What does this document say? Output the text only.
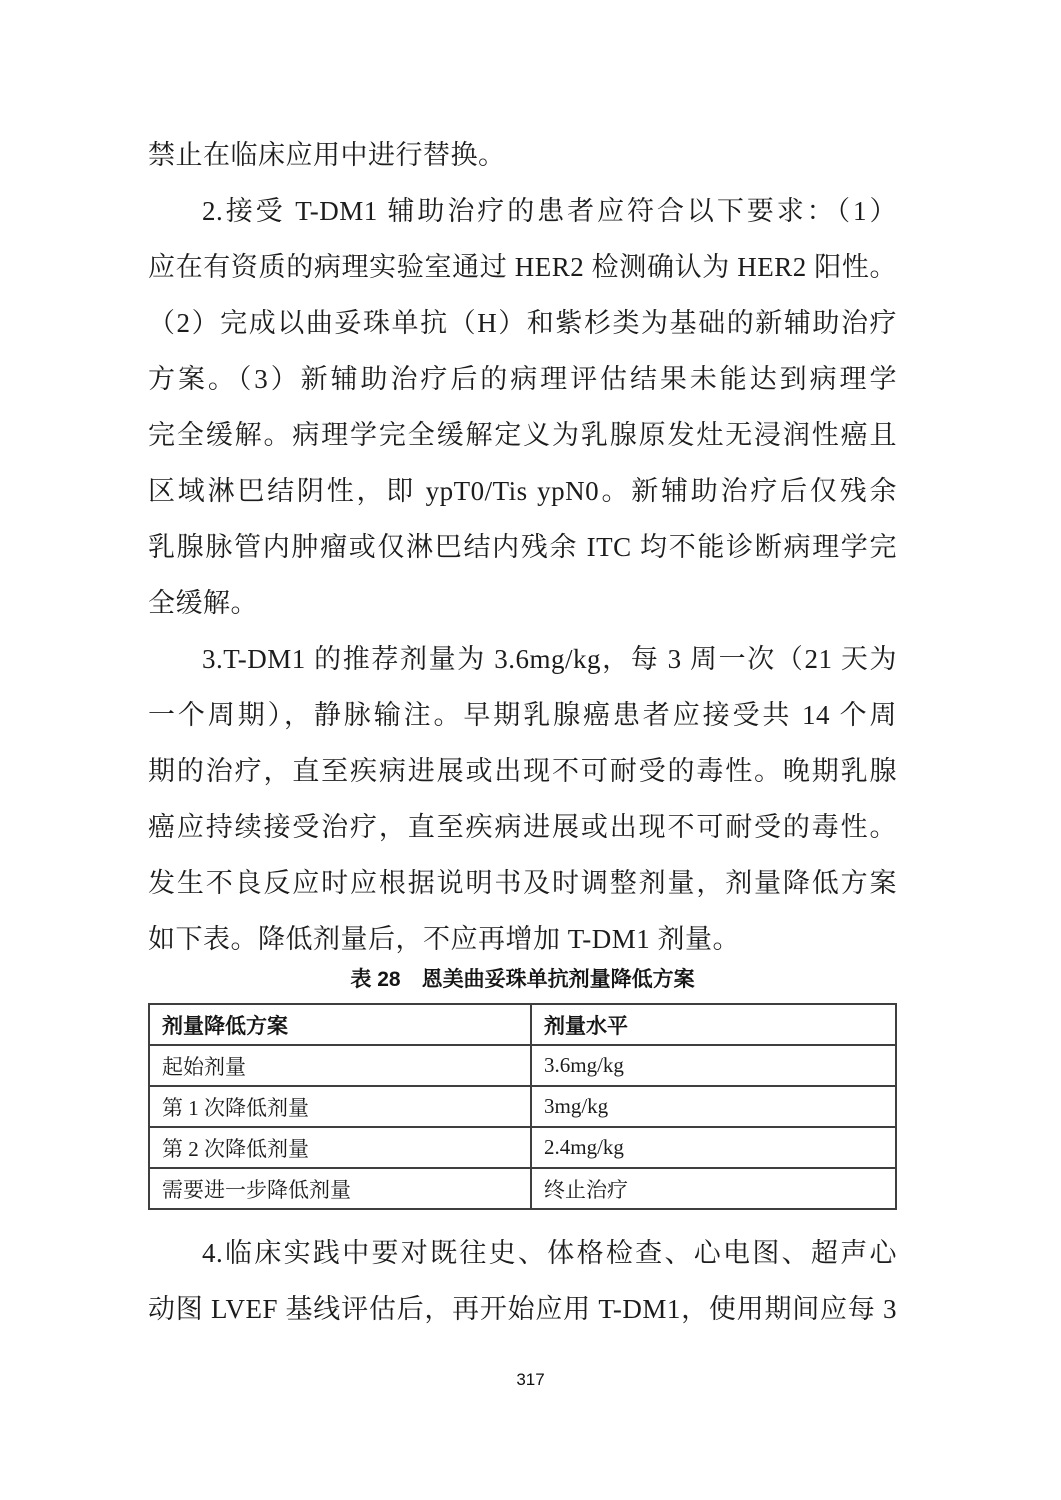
禁止在临床应用中进行替换。
2.接受 T-DM1 辅助治疗的患者应符合以下要求：（1）
应在有资质的病理实验室通过 HER2 检测确认为 HER2 阳性。
（2）完成以曲妥珠单抗（H）和紫杉类为基础的新辅助治疗
方案。（3）新辅助治疗后的病理评估结果未能达到病理学
完全缓解。病理学完全缓解定义为乳腺原发灶无浸润性癌且
区域淋巴结阴性，即 ypT0/Tis ypN0。新辅助治疗后仅残余
乳腺脉管内肿瘤或仅淋巴结内残余 ITC 均不能诊断病理学完
全缓解。
3.T-DM1 的推荐剂量为 3.6mg/kg，每 3 周一次（21 天为
一个周期），静脉输注。早期乳腺癌患者应接受共 14 个周
期的治疗，直至疾病进展或出现不可耐受的毒性。晚期乳腺
癌应持续接受治疗，直至疾病进展或出现不可耐受的毒性。
发生不良反应时应根据说明书及时调整剂量，剂量降低方案
如下表。降低剂量后，不应再增加 T-DM1 剂量。
表 28　恩美曲妥珠单抗剂量降低方案
剂量降低方案	剂量水平
起始剂量	3.6mg/kg
第 1 次降低剂量	3mg/kg
第 2 次降低剂量	2.4mg/kg
需要进一步降低剂量	终止治疗
4.临床实践中要对既往史、体格检查、心电图、超声心
动图 LVEF 基线评估后，再开始应用 T-DM1，使用期间应每 3
317
